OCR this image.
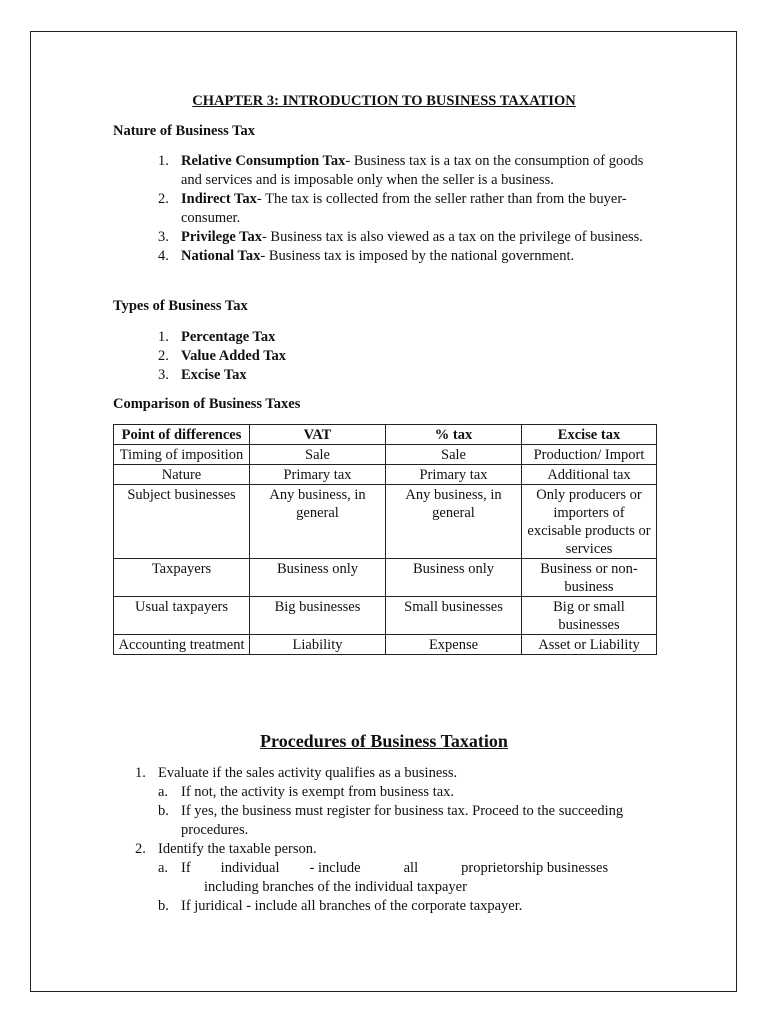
CHAPTER 3: INTRODUCTION TO BUSINESS TAXATION
Nature of Business Tax
1. Relative Consumption Tax- Business tax is a tax on the consumption of goods and services and is imposable only when the seller is a business.
2. Indirect Tax- The tax is collected from the seller rather than from the buyer-consumer.
3. Privilege Tax- Business tax is also viewed as a tax on the privilege of business.
4. National Tax- Business tax is imposed by the national government.
Types of Business Tax
1. Percentage Tax
2. Value Added Tax
3. Excise Tax
Comparison of Business Taxes
Point of differences	VAT	% tax	Excise tax
Timing of imposition	Sale	Sale	Production/ Import
Nature	Primary tax	Primary tax	Additional tax
Subject businesses	Any business, in general	Any business, in general	Only producers or importers of excisable products or services
Taxpayers	Business only	Business only	Business or non-business
Usual taxpayers	Big businesses	Small businesses	Big or small businesses
Accounting treatment	Liability	Expense	Asset or Liability
Procedures of Business Taxation
1. Evaluate if the sales activity qualifies as a business.
a. If not, the activity is exempt from business tax.
b. If yes, the business must register for business tax. Proceed to the succeeding procedures.
2. Identify the taxable person.
a. If individual - include	all	proprietorship businesses
including branches of the individual taxpayer
b. If juridical - include all branches of the corporate taxpayer.
